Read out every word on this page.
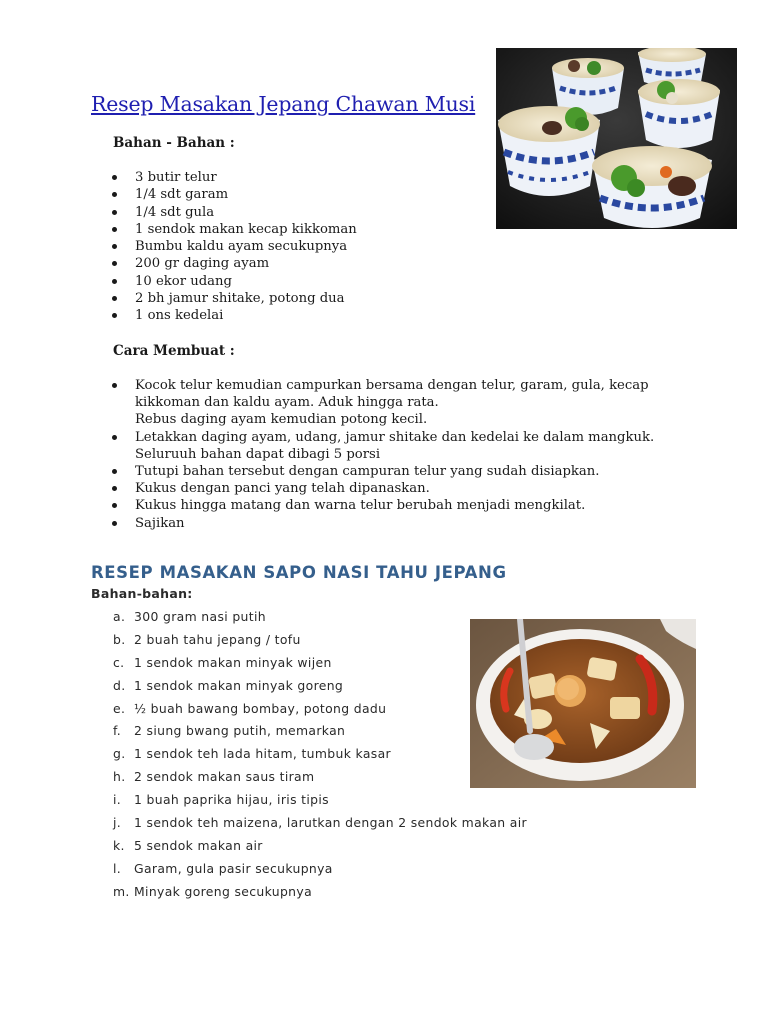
Resep Masakan Jepang Chawan Musi
Bahan - Bahan :
3 butir telur
1/4 sdt garam
1/4 sdt gula
1 sendok makan kecap kikkoman
Bumbu kaldu ayam secukupnya
200 gr daging ayam
10 ekor udang
2 bh jamur shitake, potong dua
1 ons kedelai
Cara Membuat :
Kocok telur kemudian campurkan bersama dengan telur, garam, gula, kecap kikkoman dan kaldu ayam. Aduk hingga rata.
Rebus daging ayam kemudian potong kecil.
Letakkan daging ayam, udang, jamur shitake dan kedelai ke dalam mangkuk. Seluruuh bahan dapat dibagi 5 porsi
Tutupi bahan tersebut dengan campuran telur yang sudah disiapkan.
Kukus dengan panci yang telah dipanaskan.
Kukus hingga matang dan warna telur berubah menjadi mengkilat.
Sajikan
RESEP MASAKAN SAPO NASI TAHU JEPANG
Bahan-bahan:
a. 300 gram nasi putih
b. 2 buah tahu jepang / tofu
c. 1 sendok makan minyak wijen
d. 1 sendok makan minyak goreng
e. ½ buah bawang bombay, potong dadu
f.	2 siung bwang putih, memarkan
g. 1 sendok teh lada hitam, tumbuk kasar
h. 2 sendok makan saus tiram
i.	1 buah paprika hijau, iris tipis
j.	1 sendok teh maizena, larutkan dengan 2 sendok makan air
k. 5 sendok makan air
l.	Garam, gula pasir secukupnya
m. Minyak goreng secukupnya
